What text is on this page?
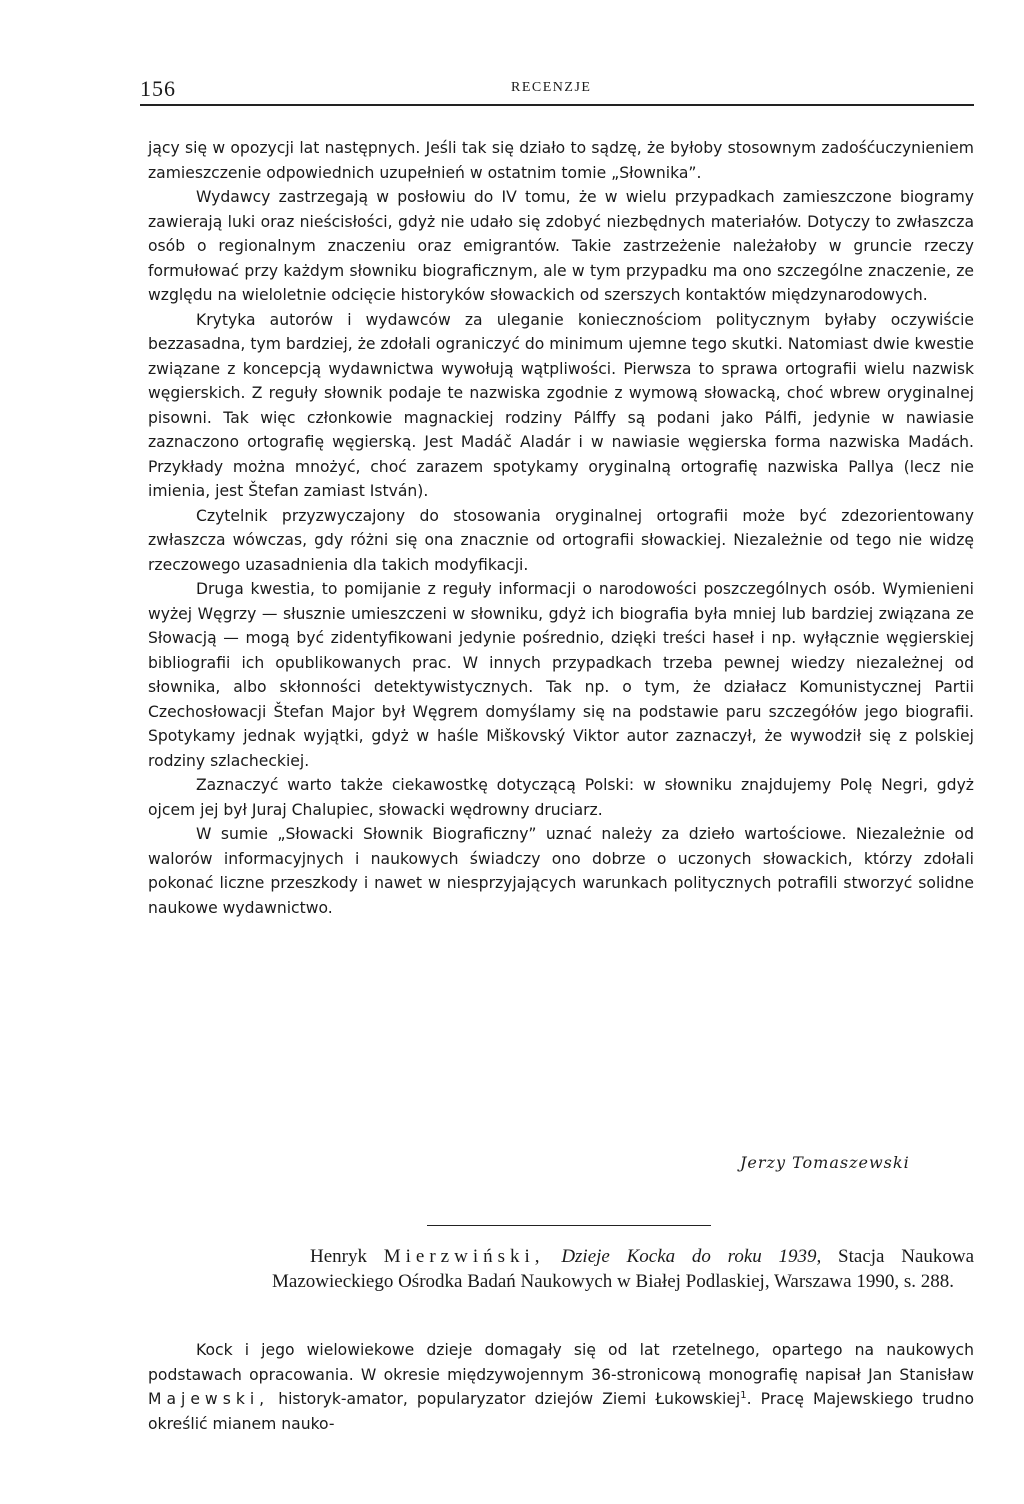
156	RECENZJE

jący się w opozycji lat następnych. Jeśli tak się działo to sądzę, że byłoby stosownym zadośćuczynieniem zamieszczenie odpowiednich uzupełnień w ostatnim tomie „Słownika”.

Wydawcy zastrzegają w posłowiu do IV tomu, że w wielu przypadkach zamieszczone biogramy zawierają luki oraz nieścisłości, gdyż nie udało się zdobyć niezbędnych materiałów. Dotyczy to zwłaszcza osób o regionalnym znaczeniu oraz emigrantów. Takie zastrzeżenie należałoby w gruncie rzeczy formułować przy każdym słowniku biograficznym, ale w tym przypadku ma ono szczególne znaczenie, ze względu na wieloletnie odcięcie historyków słowackich od szerszych kontaktów międzynarodowych.

Krytyka autorów i wydawców za uleganie koniecznościom politycznym byłaby oczywiście bezzasadna, tym bardziej, że zdołali ograniczyć do minimum ujemne tego skutki. Natomiast dwie kwestie związane z koncepcją wydawnictwa wywołują wątpliwości. Pierwsza to sprawa ortografii wielu nazwisk węgierskich. Z reguły słownik podaje te nazwiska zgodnie z wymową słowacką, choć wbrew oryginalnej pisowni. Tak więc członkowie magnackiej rodziny Pálffy są podani jako Pálfi, jedynie w nawiasie zaznaczono ortografię węgierską. Jest Madáč Aladár i w nawiasie węgierska forma nazwiska Madách. Przykłady można mnożyć, choć zarazem spotykamy oryginalną ortografię nazwiska Pallya (lecz nie imienia, jest Štefan zamiast István).

Czytelnik przyzwyczajony do stosowania oryginalnej ortografii może być zdezorientowany zwłaszcza wówczas, gdy różni się ona znacznie od ortografii słowackiej. Niezależnie od tego nie widzę rzeczowego uzasadnienia dla takich modyfikacji.

Druga kwestia, to pomijanie z reguły informacji o narodowości poszczególnych osób. Wymienieni wyżej Węgrzy — słusznie umieszczeni w słowniku, gdyż ich biografia była mniej lub bardziej związana ze Słowacją — mogą być zidentyfikowani jedynie pośrednio, dzięki treści haseł i np. wyłącznie węgierskiej bibliografii ich opublikowanych prac. W innych przypadkach trzeba pewnej wiedzy niezależnej od słownika, albo skłonności detektywistycznych. Tak np. o tym, że działacz Komunistycznej Partii Czechosłowacji Štefan Major był Węgrem domyślamy się na podstawie paru szczegółów jego biografii. Spotykamy jednak wyjątki, gdyż w haśle Miškovský Viktor autor zaznaczył, że wywodził się z polskiej rodziny szlacheckiej.

Zaznaczyć warto także ciekawostkę dotyczącą Polski: w słowniku znajdujemy Polę Negri, gdyż ojcem jej był Juraj Chalupiec, słowacki wędrowny druciarz.

W sumie „Słowacki Słownik Biograficzny” uznać należy za dzieło wartościowe. Niezależnie od walorów informacyjnych i naukowych świadczy ono dobrze o uczonych słowackich, którzy zdołali pokonać liczne przeszkody i nawet w niesprzyjających warunkach politycznych potrafili stworzyć solidne naukowe wydawnictwo.

Jerzy Tomaszewski

Henryk Mierzwiński, Dzieje Kocka do roku 1939, Stacja Naukowa Mazowieckiego Ośrodka Badań Naukowych w Białej Podlaskiej, Warszawa 1990, s. 288.

Kock i jego wielowiekowe dzieje domagały się od lat rzetelnego, opartego na naukowych podstawach opracowania. W okresie międzywojennym 36-stronicową monografię napisał Jan Stanisław Majewski, historyk-amator, popularyzator dziejów Ziemi Łukowskiej$^1$. Pracę Majewskiego trudno określić mianem nauko-
